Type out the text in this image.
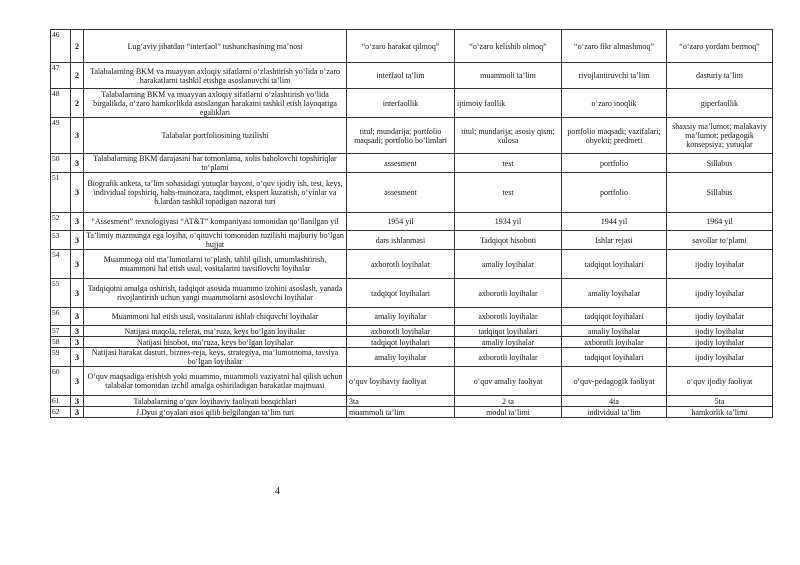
46	2	Lug‘aviy jihatdan “interfaol” tushunchasining ma’nosi	“o‘zaro harakat qilmoq”	“o‘zaro kelishib olmoq”	“o‘zaro fikr almashmoq”	“o‘zaro yordam bermoq”
47	2	Talabalarning BKM va muayyan axloqiy sifatlarni o‘zlashtirish yo‘lida o‘zaro harakatlarni tashkil etishga asoslanuvchi ta’lim	interfaol ta’lim	muammoli ta’lim	rivojlantiruvchi ta’lim	dasturiy ta’lim
48	2	Talabalarning BKM va muayyan axloqiy sifatlarni o‘zlashtirish yo‘lida birgalikda, o‘zaro hamkorlikda asoslangan harakatni tashkil etish layoqatiga egaliklari	interfaollik	ijtimoiy faollik	o‘zaro inoqlik	giperfaollik
49	3	Talabalar portfoliosining tuzilishi	titul; mundarija; portfolio maqsadi; portfolio bo‘limlari	titul; mundarija; asosiy qism; xulosa	portfolio maqsadi; vazifalari; obyekti; predmeti	shaxsiy ma’lumot; malakaviy ma’lumot; pedagogik konsepsiya; yutuqlar
50	3	Talabalarning BKM darajasini har tomonlama, xolis baholovchi topshiriqlar to‘plami	assesment	test	portfolio	Sillabus
51	3	Biografik anketa, ta’lim sohasidagi yutuqlar bayoni, o‘quv ijodiy ish, test, keys, individual topshiriq, bahs-munozara, taqdimot, ekspert kuzatish, o‘yinlar va h.lardan tashkil topadigan nazorat turi	assesment	test	portfolio	Sillabus
52	3	“Assesment” texnologiyasi “AT&T” kompaniyasi tomonidan qo‘llanilgan yil	1954 yil	1934 yil	1944 yil	1964 yil
53	3	Ta’limiy mazmunga ega loyiha, o‘qituvchi tomonidan tuzilishi majburiy bo‘lgan hujjat	dars ishlanmasi	Tadqiqot hisoboti	Ishlar rejasi	savollar to‘plami
54	3	Muammoga oid ma’lumotlarni to‘plash, tahlil qilish, umumlashtirish, muammoni hal etish usul, vositalarini tavsiflovchi loyihalar	axborotli loyihalar	amaliy loyihalar	tadqiqot loyihalari	ijodiy loyihalar
55	3	Tadqiqotni amalga oshirish, tadqiqot asosida muammo izohini asoslash, yanada rivojlantirish uchun yangi muammolarni asoslovchi loyihalar	tadqiqot loyihalari	axborotli loyihalar	amaliy loyihalar	ijodiy loyihalar
56	3	Muammoni hal etish usul, vositalarini ishlab chiquvchi loyihalar	amaliy loyihalar	axborotli loyihalar	tadqiqot loyihalari	ijodiy loyihalar
57	3	Natijasi maqola, referat, ma’ruza, keys bo‘lgan loyihalar	axborotli loyihalar	tadqiqot loyihalari	amaliy loyihalar	ijodiy loyihalar
58	3	Natijasi hisobot, ma’ruza, keys bo‘lgan loyihalar	tadqiqot loyihalari	amaliy loyihalar	axborotli loyihalar	ijodiy loyihalar
59	3	Natijasi harakat dasturi, biznes-reja, keys, strategiya, ma’lumotnoma, tavsiya bo‘lgan loyihalar	amaliy loyihalar	axborotli loyihalar	tadqiqot loyihalari	ijodiy loyihalar
60	3	O‘quv maqsadiga erishish yoki muammo, muammoli vaziyatni hal qilish uchun talabalar tomonidan izchil amalga oshiriladigan harakatlar majmuasi	o‘quv loyihaviy faoliyat	o‘quv amaliy faoliyat	o‘quv-pedagogik faoliyat	o‘quv ijodiy faoliyat
61	3	Talabalarning o‘quv loyihaviy faoliyati bosqichlari	3ta	2 ta	4ta	5ta
62	3	J.Dyui g‘oyalari asos qilib belgilangan ta’lim turi	muammoli ta’lim	modul ta’limi	individual ta’lim	hamkorlik ta’limi
4
